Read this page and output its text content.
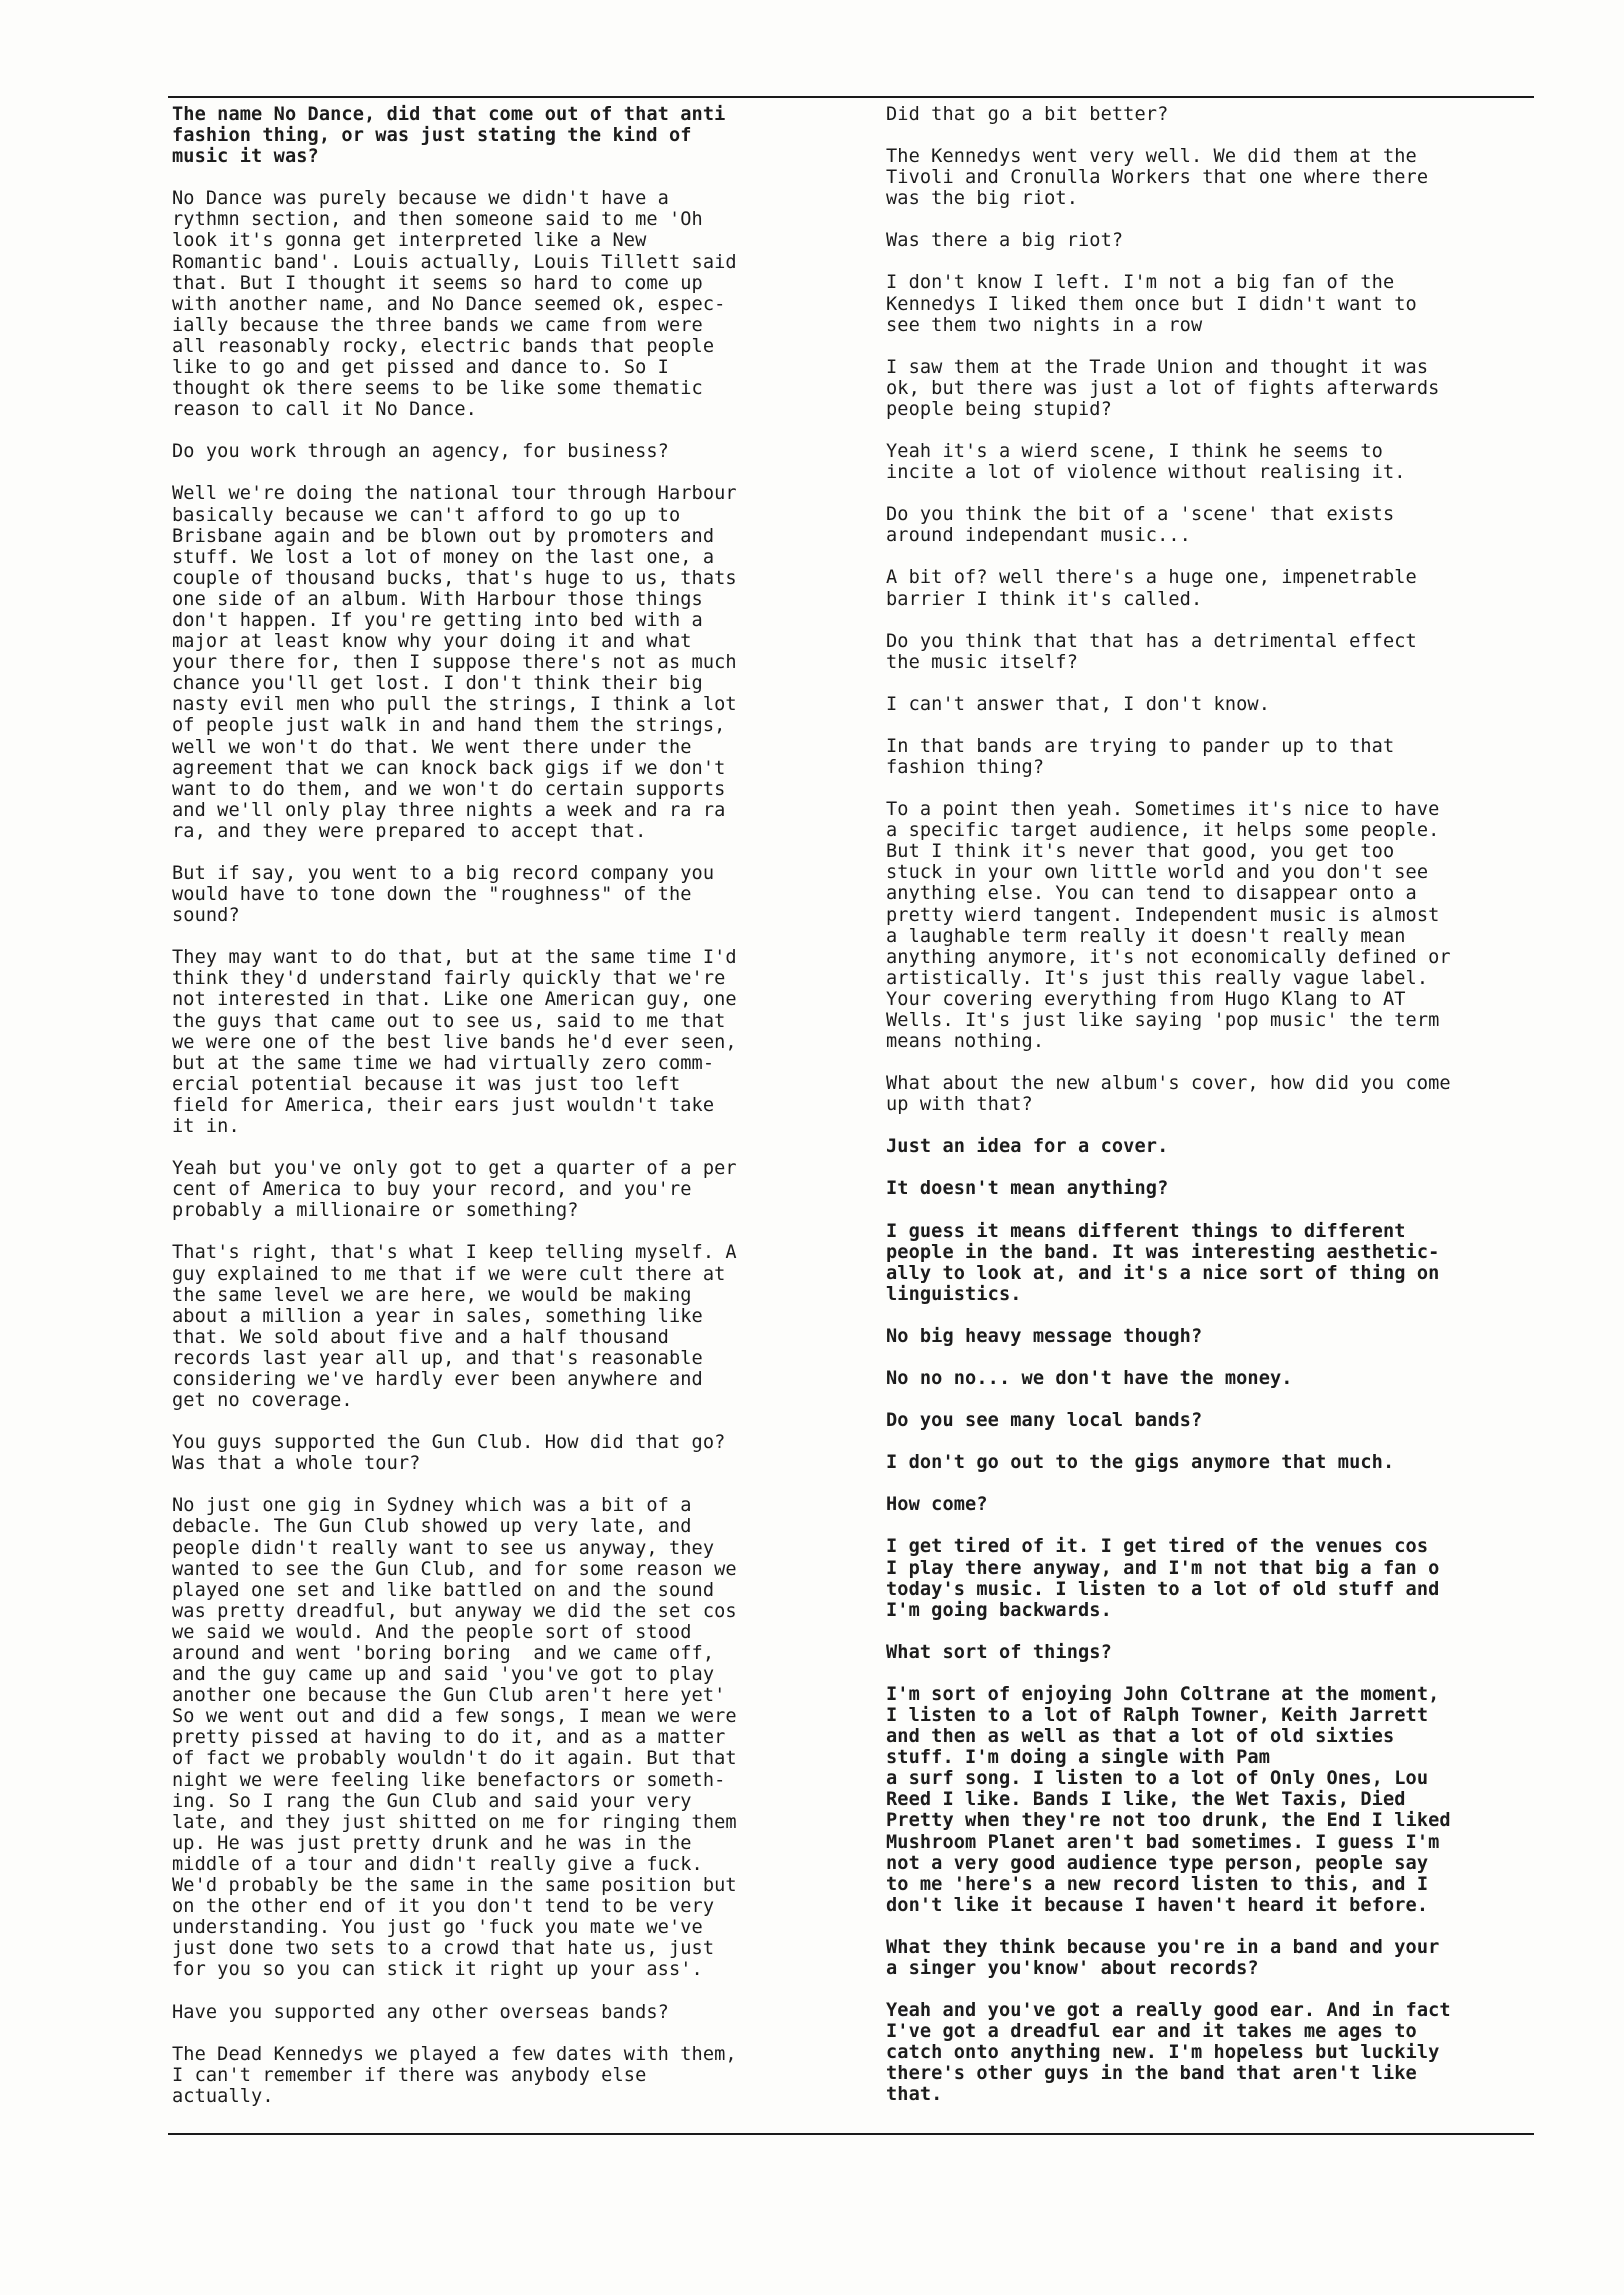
The name No Dance, did that come out of that anti
fashion thing, or was just stating the kind of
music it was?

No Dance was purely because we didn't have a
rythmn section, and then someone said to me 'Oh
look it's gonna get interpreted like a New
Romantic band'. Louis actually, Louis Tillett said
that. But I thought it seems so hard to come up
with another name, and No Dance seemed ok, espec-
ially because the three bands we came from were
all reasonably rocky, electric bands that people
like to go and get pissed and dance to. So I
thought ok there seems to be like some thematic
reason to call it No Dance.

Do you work through an agency, for business?

Well we're doing the national tour through Harbour
basically because we can't afford to go up to
Brisbane again and be blown out by promoters and
stuff. We lost a lot of money on the last one, a
couple of thousand bucks, that's huge to us, thats
one side of an album. With Harbour those things
don't happen. If you're getting into bed with a
major at least know why your doing it and what
your there for, then I suppose there's not as much
chance you'll get lost. I don't think their big
nasty evil men who pull the strings, I think a lot
of people just walk in and hand them the strings,
well we won't do that. We went there under the
agreement that we can knock back gigs if we don't
want to do them, and we won't do certain supports
and we'll only play three nights a week and ra ra
ra, and they were prepared to accept that.

But if say, you went to a big record company you
would have to tone down the "roughness" of the
sound?

They may want to do that, but at the same time I'd
think they'd understand fairly quickly that we're
not interested in that. Like one American guy, one
the guys that came out to see us, said to me that
we were one of the best live bands he'd ever seen,
but at the same time we had virtually zero comm-
ercial potential because it was just too left
field for America, their ears just wouldn't take
it in.

Yeah but you've only got to get a quarter of a per
cent of America to buy your record, and you're
probably a millionaire or something?

That's right, that's what I keep telling myself. A
guy explained to me that if we were cult there at
the same level we are here, we would be making
about a million a year in sales, something like
that. We sold about five and a half thousand
records last year all up, and that's reasonable
considering we've hardly ever been anywhere and
get no coverage.

You guys supported the Gun Club. How did that go?
Was that a whole tour?

No just one gig in Sydney which was a bit of a
debacle. The Gun Club showed up very late, and
people didn't really want to see us anyway, they
wanted to see the Gun Club, and for some reason we
played one set and like battled on and the sound
was pretty dreadful, but anyway we did the set cos
we said we would. And the people sort of stood
around and went 'boring boring  and we came off,
and the guy came up and said 'you've got to play
another one because the Gun Club aren't here yet'
So we went out and did a few songs, I mean we were
pretty pissed at having to do it, and as a matter
of fact we probably wouldn't do it again. But that
night we were feeling like benefactors or someth-
ing. So I rang the Gun Club and said your very
late, and they just shitted on me for ringing them
up. He was just pretty drunk and he was in the
middle of a tour and didn't really give a fuck.
We'd probably be the same in the same position but
on the other end of it you don't tend to be very
understanding. You just go 'fuck you mate we've
just done two sets to a crowd that hate us, just
for you so you can stick it right up your ass'.

Have you supported any other overseas bands?

The Dead Kennedys we played a few dates with them,
I can't remember if there was anybody else
actually.

Did that go a bit better?

The Kennedys went very well. We did them at the
Tivoli and Cronulla Workers that one where there
was the big riot.

Was there a big riot?

I don't know I left. I'm not a big fan of the
Kennedys I liked them once but I didn't want to
see them two nights in a row

I saw them at the Trade Union and thought it was
ok, but there was just a lot of fights afterwards
people being stupid?

Yeah it's a wierd scene, I think he seems to
incite a lot of violence without realising it.

Do you think the bit of a 'scene' that exists
around independant music...

A bit of? well there's a huge one, impenetrable
barrier I think it's called.

Do you think that that has a detrimental effect
the music itself?

I can't answer that, I don't know.

In that bands are trying to pander up to that
fashion thing?

To a point then yeah. Sometimes it's nice to have
a specific target audience, it helps some people.
But I think it's never that good, you get too
stuck in your own little world and you don't see
anything else. You can tend to disappear onto a
pretty wierd tangent. Independent music is almost
a laughable term really it doesn't really mean
anything anymore, it's not economically defined or
artistically. It's just this really vague label.
Your covering everything from Hugo Klang to AT
Wells. It's just like saying 'pop music' the term
means nothing.

What about the new album's cover, how did you come
up with that?

Just an idea for a cover.

It doesn't mean anything?

I guess it means different things to different
people in the band. It was interesting aesthetic-
ally to look at, and it's a nice sort of thing on
linguistics.

No big heavy message though?

No no no... we don't have the money.

Do you see many local bands?

I don't go out to the gigs anymore that much.

How come?

I get tired of it. I get tired of the venues cos
I play there anyway, and I'm not that big a fan o
today's music. I listen to a lot of old stuff and
I'm going backwards.

What sort of things?

I'm sort of enjoying John Coltrane at the moment,
I listen to a lot of Ralph Towner, Keith Jarrett
and then as well as that a lot of old sixties
stuff. I'm doing a single with Pam
a surf song. I listen to a lot of Only Ones, Lou
Reed I like. Bands I like, the Wet Taxis, Died
Pretty when they're not too drunk, the End I liked
Mushroom Planet aren't bad sometimes. I guess I'm
not a very good audience type person, people say
to me 'here's a new record listen to this, and I
don't like it because I haven't heard it before.

What they think because you're in a band and your
a singer you'know' about records?

Yeah and you've got a really good ear. And in fact
I've got a dreadful ear and it takes me ages to
catch onto anything new. I'm hopeless but luckily
there's other guys in the band that aren't like
that.
